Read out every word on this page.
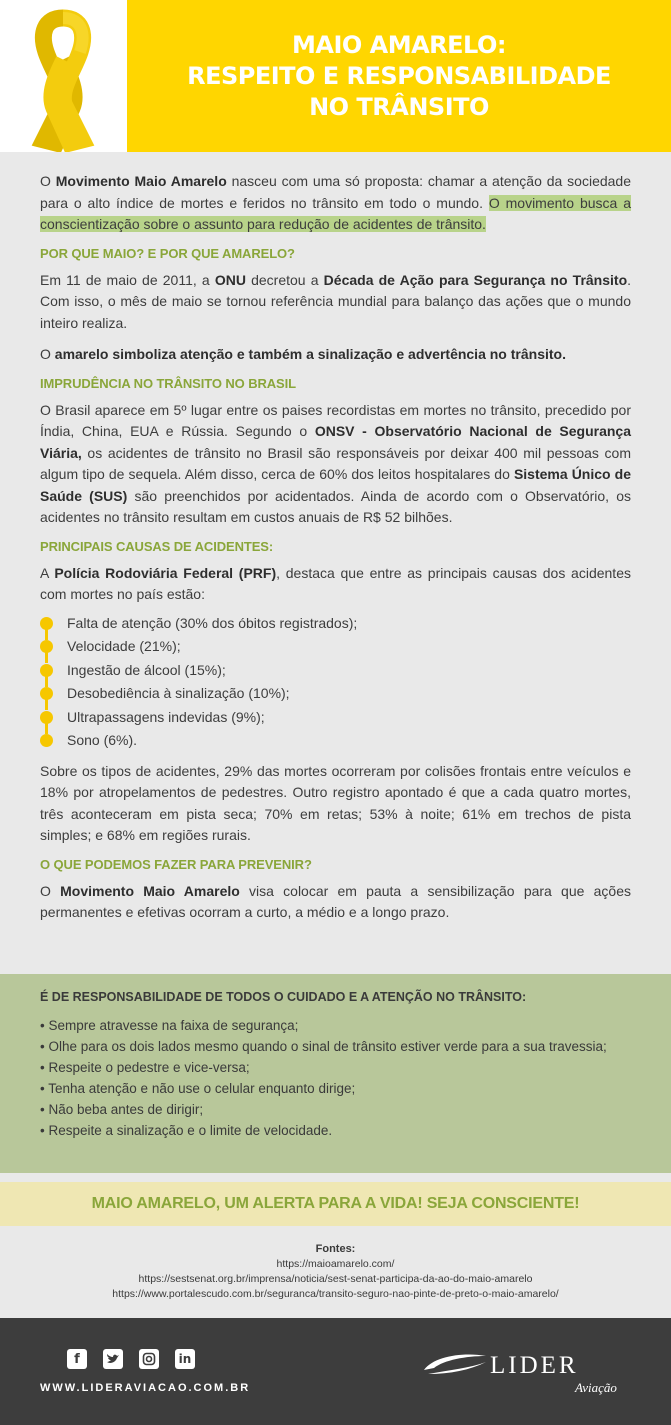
MAIO AMARELO:
RESPEITO E RESPONSABILIDADE
NO TRÂNSITO

O Movimento Maio Amarelo nasceu com uma só proposta: chamar a atenção da sociedade para o alto índice de mortes e feridos no trânsito em todo o mundo. O movimento busca a conscientização sobre o assunto para redução de acidentes de trânsito.

POR QUE MAIO? E POR QUE AMARELO?

Em 11 de maio de 2011, a ONU decretou a Década de Ação para Segurança no Trânsito. Com isso, o mês de maio se tornou referência mundial para balanço das ações que o mundo inteiro realiza.

O amarelo simboliza atenção e também a sinalização e advertência no trânsito.

IMPRUDÊNCIA NO TRÂNSITO NO BRASIL

O Brasil aparece em 5º lugar entre os paises recordistas em mortes no trânsito, precedido por Índia, China, EUA e Rússia. Segundo o ONSV - Observatório Nacional de Segurança Viária, os acidentes de trânsito no Brasil são responsáveis por deixar 400 mil pessoas com algum tipo de sequela. Além disso, cerca de 60% dos leitos hospitalares do Sistema Único de Saúde (SUS) são preenchidos por acidentados. Ainda de acordo com o Observatório, os acidentes no trânsito resultam em custos anuais de R$ 52 bilhões.

PRINCIPAIS CAUSAS DE ACIDENTES:

A Polícia Rodoviária Federal (PRF), destaca que entre as principais causas dos acidentes com mortes no país estão:

Falta de atenção (30% dos óbitos registrados);
Velocidade (21%);
Ingestão de álcool (15%);
Desobediência à sinalização (10%);
Ultrapassagens indevidas (9%);
Sono (6%).

Sobre os tipos de acidentes, 29% das mortes ocorreram por colisões frontais entre veículos e 18% por atropelamentos de pedestres. Outro registro apontado é que a cada quatro mortes, três aconteceram em pista seca; 70% em retas; 53% à noite; 61% em trechos de pista simples; e 68% em regiões rurais.

O QUE PODEMOS FAZER PARA PREVENIR?

O Movimento Maio Amarelo visa colocar em pauta a sensibilização para que ações permanentes e efetivas ocorram a curto, a médio e a longo prazo.

É DE RESPONSABILIDADE DE TODOS O CUIDADO E A ATENÇÃO NO TRÂNSITO:
• Sempre atravesse na faixa de segurança;
• Olhe para os dois lados mesmo quando o sinal de trânsito estiver verde para a sua travessia;
• Respeite o pedestre e vice-versa;
• Tenha atenção e não use o celular enquanto dirige;
• Não beba antes de dirigir;
• Respeite a sinalização e o limite de velocidade.
MAIO AMARELO, UM ALERTA PARA A VIDA! SEJA CONSCIENTE!
Fontes:
https://maioamarelo.com/
https://sestsenat.org.br/imprensa/noticia/sest-senat-participa-da-ao-do-maio-amarelo
https://www.portalescudo.com.br/seguranca/transito-seguro-nao-pinte-de-preto-o-maio-amarelo/
f	in
WWW.LIDERAVIACAO.COM.BR
LIDER
Aviação
